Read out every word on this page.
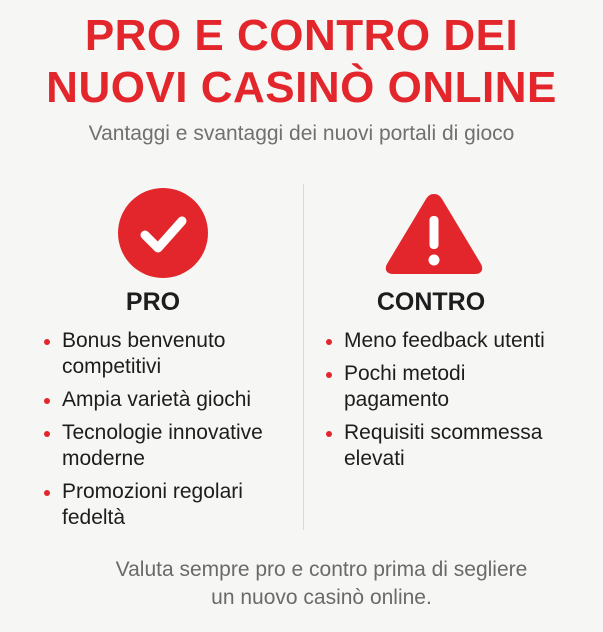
PRO E CONTRO DEI
NUOVI CASINÒ ONLINE
Vantaggi e svantaggi dei nuovi portali di gioco
PRO
Bonus benvenuto
competitivi
Ampia varietà giochi
Tecnologie innovative
moderne
Promozioni regolari
fedeltà
CONTRO
Meno feedback utenti
Pochi metodi
pagamento
Requisiti scommessa
elevati
Valuta sempre pro e contro prima di segliere
un nuovo casinò online.
